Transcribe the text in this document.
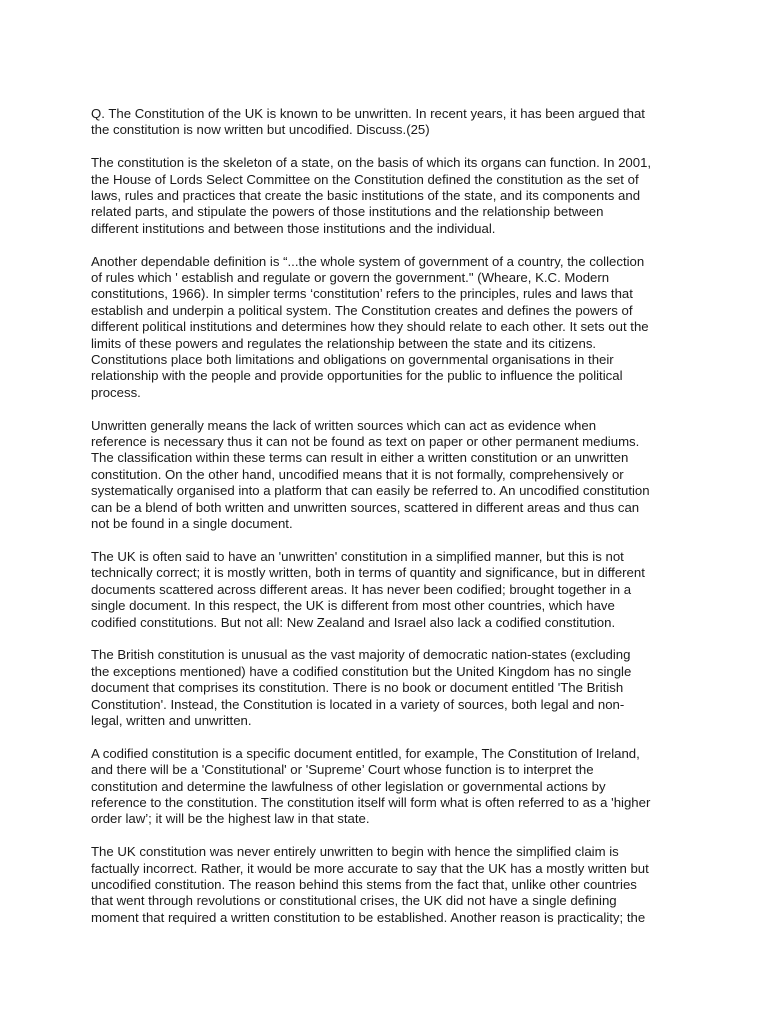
Q. The Constitution of the UK is known to be unwritten. In recent years, it has been argued that
the constitution is now written but uncodified. Discuss.(25)

The constitution is the skeleton of a state, on the basis of which its organs can function. In 2001,
the House of Lords Select Committee on the Constitution defined the constitution as the set of
laws, rules and practices that create the basic institutions of the state, and its components and
related parts, and stipulate the powers of those institutions and the relationship between
different institutions and between those institutions and the individual.

Another dependable definition is “...the whole system of government of a country, the collection
of rules which ' establish and regulate or govern the government." (Wheare, K.C. Modern
constitutions, 1966). In simpler terms ‘constitution’ refers to the principles, rules and laws that
establish and underpin a political system. The Constitution creates and defines the powers of
different political institutions and determines how they should relate to each other. It sets out the
limits of these powers and regulates the relationship between the state and its citizens.
Constitutions place both limitations and obligations on governmental organisations in their
relationship with the people and provide opportunities for the public to influence the political
process.

Unwritten generally means the lack of written sources which can act as evidence when
reference is necessary thus it can not be found as text on paper or other permanent mediums.
The classification within these terms can result in either a written constitution or an unwritten
constitution. On the other hand, uncodified means that it is not formally, comprehensively or
systematically organised into a platform that can easily be referred to. An uncodified constitution
can be a blend of both written and unwritten sources, scattered in different areas and thus can
not be found in a single document.

The UK is often said to have an 'unwritten' constitution in a simplified manner, but this is not
technically correct; it is mostly written, both in terms of quantity and significance, but in different
documents scattered across different areas. It has never been codified; brought together in a
single document. In this respect, the UK is different from most other countries, which have
codified constitutions. But not all: New Zealand and Israel also lack a codified constitution.

The British constitution is unusual as the vast majority of democratic nation-states (excluding
the exceptions mentioned) have a codified constitution but the United Kingdom has no single
document that comprises its constitution. There is no book or document entitled 'The British
Constitution'. Instead, the Constitution is located in a variety of sources, both legal and non-
legal, written and unwritten.

A codified constitution is a specific document entitled, for example, The Constitution of Ireland,
and there will be a 'Constitutional' or 'Supreme’ Court whose function is to interpret the
constitution and determine the lawfulness of other legislation or governmental actions by
reference to the constitution. The constitution itself will form what is often referred to as a 'higher
order law’; it will be the highest law in that state.

The UK constitution was never entirely unwritten to begin with hence the simplified claim is
factually incorrect. Rather, it would be more accurate to say that the UK has a mostly written but
uncodified constitution. The reason behind this stems from the fact that, unlike other countries
that went through revolutions or constitutional crises, the UK did not have a single defining
moment that required a written constitution to be established. Another reason is practicality; the
